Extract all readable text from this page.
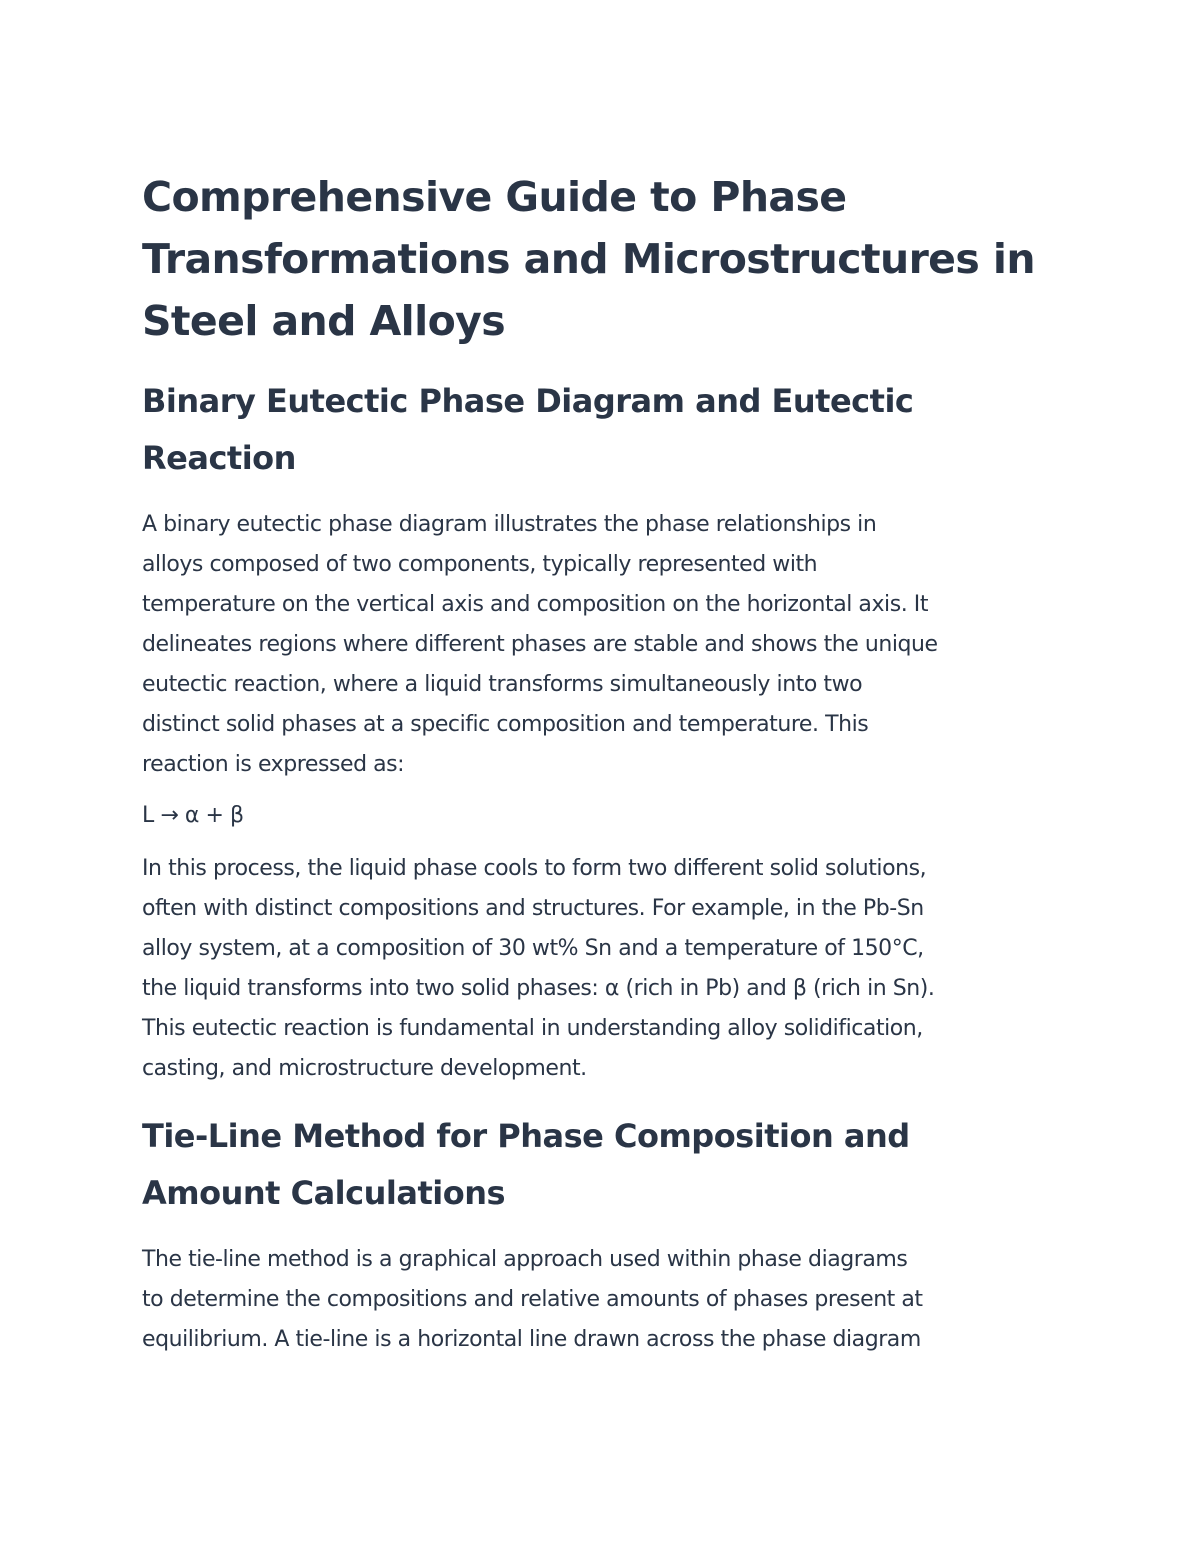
Comprehensive Guide to Phase
Transformations and Microstructures in
Steel and Alloys
Binary Eutectic Phase Diagram and Eutectic
Reaction

A binary eutectic phase diagram illustrates the phase relationships in
alloys composed of two components, typically represented with
temperature on the vertical axis and composition on the horizontal axis. It
delineates regions where different phases are stable and shows the unique
eutectic reaction, where a liquid transforms simultaneously into two
distinct solid phases at a specific composition and temperature. This
reaction is expressed as:

L → α + β

In this process, the liquid phase cools to form two different solid solutions,
often with distinct compositions and structures. For example, in the Pb-Sn
alloy system, at a composition of 30 wt% Sn and a temperature of 150°C,
the liquid transforms into two solid phases: α (rich in Pb) and β (rich in Sn).
This eutectic reaction is fundamental in understanding alloy solidification,
casting, and microstructure development.

Tie-Line Method for Phase Composition and
Amount Calculations

The tie-line method is a graphical approach used within phase diagrams
to determine the compositions and relative amounts of phases present at
equilibrium. A tie-line is a horizontal line drawn across the phase diagram
